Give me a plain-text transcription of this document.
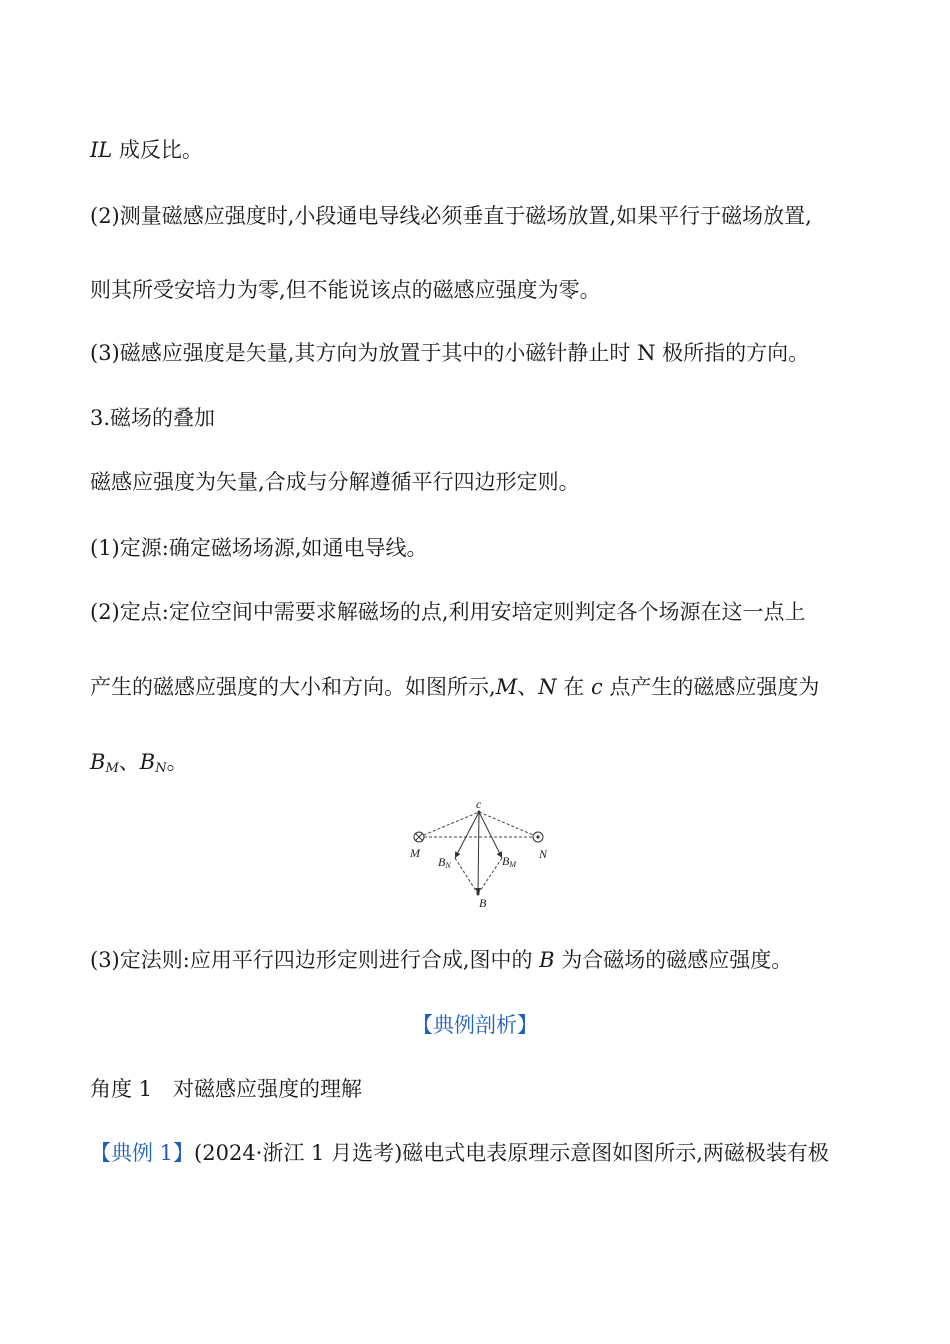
IL 成反比。
(2)测量磁感应强度时,小段通电导线必须垂直于磁场放置,如果平行于磁场放置,
则其所受安培力为零,但不能说该点的磁感应强度为零。
(3)磁感应强度是矢量,其方向为放置于其中的小磁针静止时 N 极所指的方向。
3.磁场的叠加
磁感应强度为矢量,合成与分解遵循平行四边形定则。
(1)定源:确定磁场场源,如通电导线。
(2)定点:定位空间中需要求解磁场的点,利用安培定则判定各个场源在这一点上
产生的磁感应强度的大小和方向。如图所示,M、N 在 c 点产生的磁感应强度为
$B_M$、$B_N$。
c
M	N
BN	BM
B
(3)定法则:应用平行四边形定则进行合成,图中的 B 为合磁场的磁感应强度。
【典例剖析】
角度 1　对磁感应强度的理解
【典例 1】(2024·浙江 1 月选考)磁电式电表原理示意图如图所示,两磁极装有极
